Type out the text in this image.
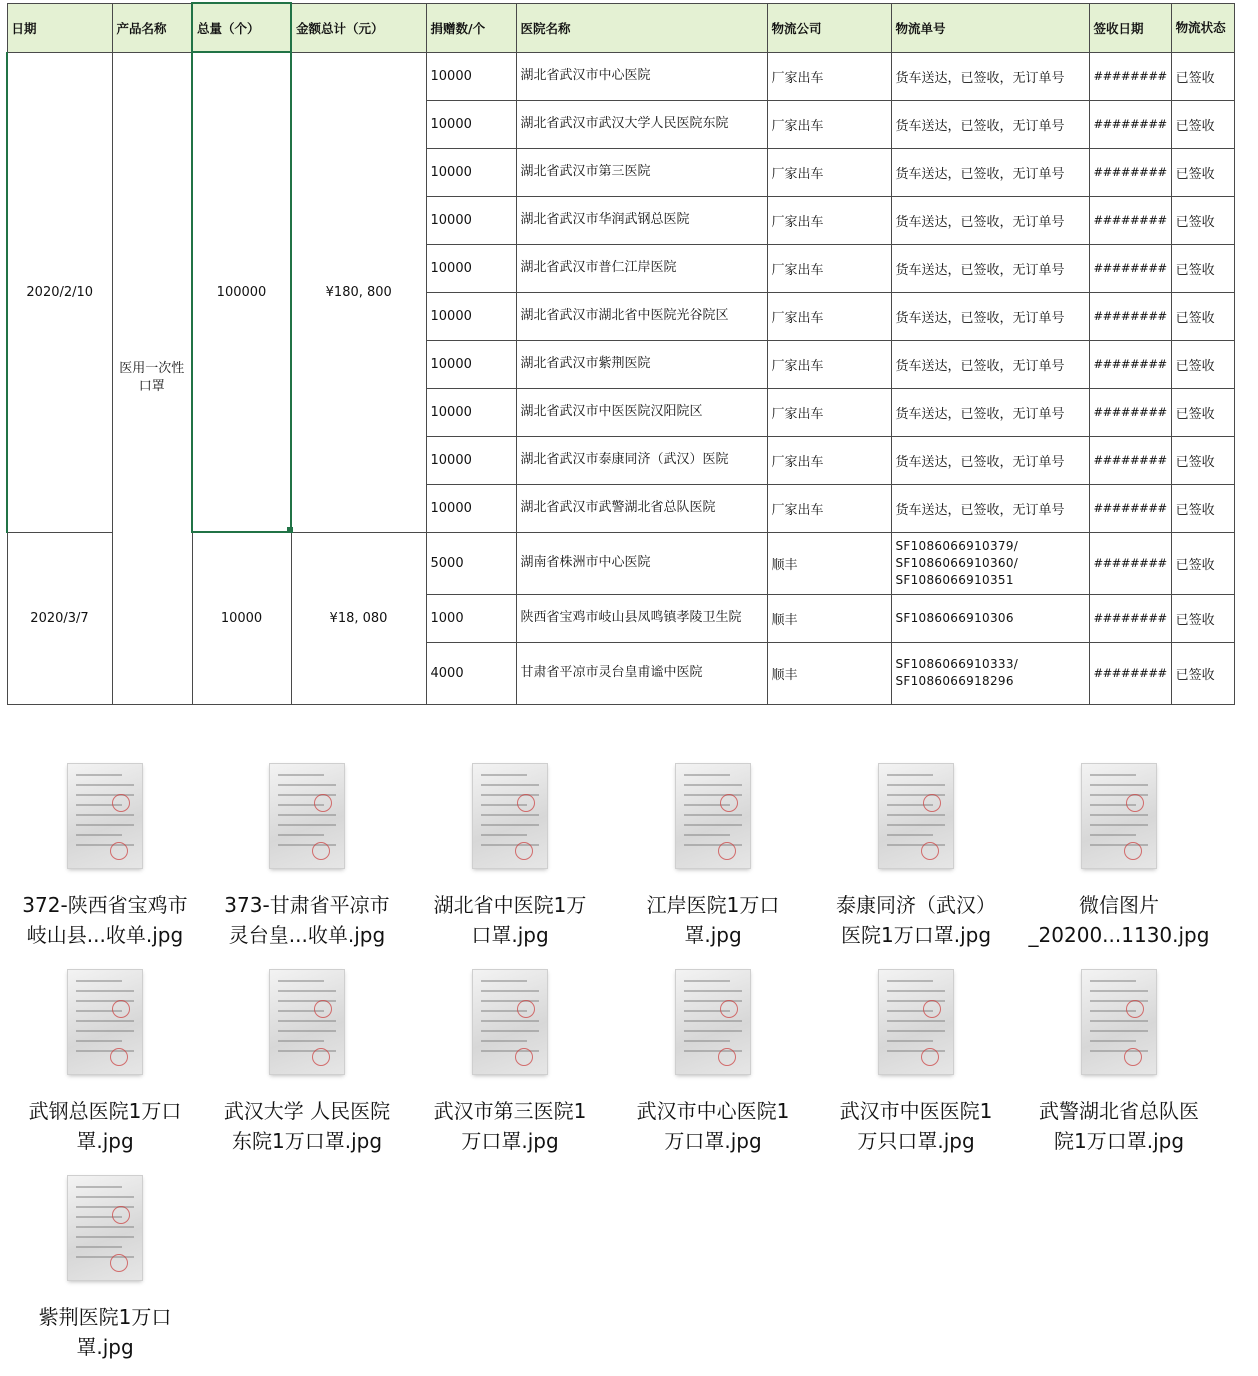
日期	产品名称	总量（个）	金额总计（元）	捐赠数/个	医院名称	物流公司	物流单号	签收日期	物流状态
2020/2/10	医用一次性口罩	100000	¥180, 800	10000	湖北省武汉市中心医院	厂家出车	货车送达，已签收，无订单号	########	已签收
				10000	湖北省武汉市武汉大学人民医院东院	厂家出车	货车送达，已签收，无订单号	########	已签收
				10000	湖北省武汉市第三医院	厂家出车	货车送达，已签收，无订单号	########	已签收
				10000	湖北省武汉市华润武钢总医院	厂家出车	货车送达，已签收，无订单号	########	已签收
				10000	湖北省武汉市普仁江岸医院	厂家出车	货车送达，已签收，无订单号	########	已签收
				10000	湖北省武汉市湖北省中医院光谷院区	厂家出车	货车送达，已签收，无订单号	########	已签收
				10000	湖北省武汉市紫荆医院	厂家出车	货车送达，已签收，无订单号	########	已签收
				10000	湖北省武汉市中医医院汉阳院区	厂家出车	货车送达，已签收，无订单号	########	已签收
				10000	湖北省武汉市泰康同济（武汉）医院	厂家出车	货车送达，已签收，无订单号	########	已签收
				10000	湖北省武汉市武警湖北省总队医院	厂家出车	货车送达，已签收，无订单号	########	已签收
2020/3/7		10000	¥18, 080	5000	湖南省株洲市中心医院	顺丰	SF1086066910379/ SF1086066910360/ SF1086066910351	########	已签收
				1000	陕西省宝鸡市岐山县凤鸣镇孝陵卫生院	顺丰	SF1086066910306	########	已签收
				4000	甘肃省平凉市灵台皇甫谧中医院	顺丰	SF1086066910333/ SF1086066918296	########	已签收
372-陕西省宝鸡市
岐山县...收单.jpg
373-甘肃省平凉市
灵台皇...收单.jpg
湖北省中医院1万
口罩.jpg
江岸医院1万口
罩.jpg
泰康同济（武汉）
医院1万口罩.jpg
微信图片
_20200...1130.jpg
武钢总医院1万口
罩.jpg
武汉大学 人民医院
东院1万口罩.jpg
武汉市第三医院1
万口罩.jpg
武汉市中心医院1
万口罩.jpg
武汉市中医医院1
万只口罩.jpg
武警湖北省总队医
院1万口罩.jpg
紫荆医院1万口
罩.jpg
